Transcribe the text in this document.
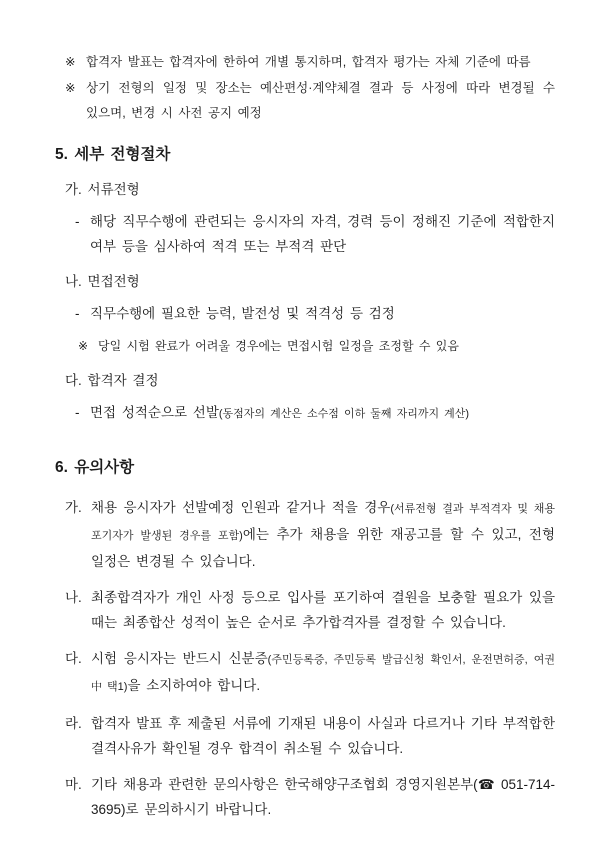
※ 합격자 발표는 합격자에 한하여 개별 통지하며, 합격자 평가는 자체 기준에 따름
※ 상기 전형의 일정 및 장소는 예산편성·계약체결 결과 등 사정에 따라 변경될 수 있으며, 변경 시 사전 공지 예정
5. 세부 전형절차
가. 서류전형
- 해당 직무수행에 관련되는 응시자의 자격, 경력 등이 정해진 기준에 적합한지 여부 등을 심사하여 적격 또는 부적격 판단
나. 면접전형
- 직무수행에 필요한 능력, 발전성 및 적격성 등 검정
※ 당일 시험 완료가 어려울 경우에는 면접시험 일정을 조정할 수 있음
다. 합격자 결정
- 면접 성적순으로 선발(동점자의 계산은 소수점 이하 둘째 자리까지 계산)
6. 유의사항
가. 채용 응시자가 선발예정 인원과 같거나 적을 경우(서류전형 결과 부적격자 및 채용 포기자가 발생된 경우를 포함)에는 추가 채용을 위한 재공고를 할 수 있고, 전형 일정은 변경될 수 있습니다.
나. 최종합격자가 개인 사정 등으로 입사를 포기하여 결원을 보충할 필요가 있을 때는 최종합산 성적이 높은 순서로 추가합격자를 결정할 수 있습니다.
다. 시험 응시자는 반드시 신분증(주민등록증, 주민등록 발급신청 확인서, 운전면허증, 여권 中 택1)을 소지하여야 합니다.
라. 합격자 발표 후 제출된 서류에 기재된 내용이 사실과 다르거나 기타 부적합한 결격사유가 확인될 경우 합격이 취소될 수 있습니다.
마. 기타 채용과 관련한 문의사항은 한국해양구조협회 경영지원본부(☎ 051-714-3695)로 문의하시기 바랍니다.
